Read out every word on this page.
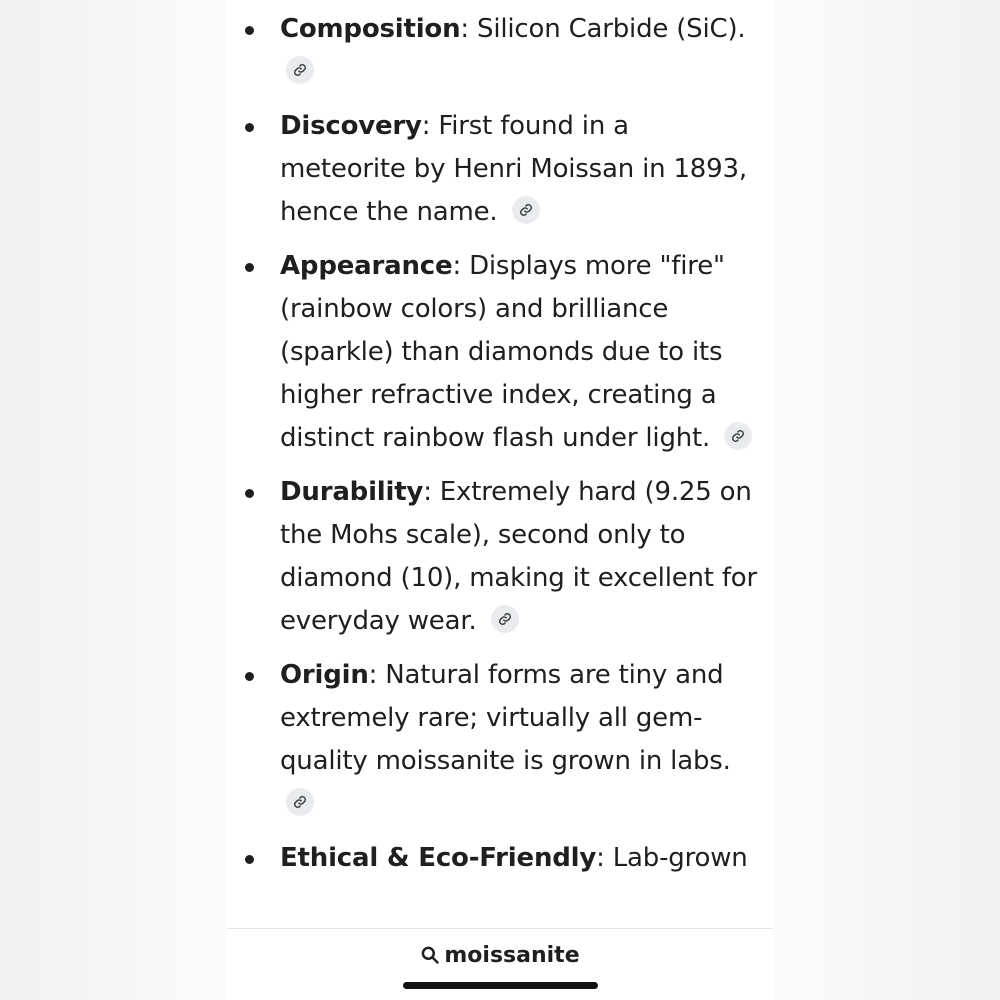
Composition: Silicon Carbide (SiC).
Discovery: First found in a meteorite by Henri Moissan in 1893, hence the name.
Appearance: Displays more "fire" (rainbow colors) and brilliance (sparkle) than diamonds due to its higher refractive index, creating a distinct rainbow flash under light.
Durability: Extremely hard (9.25 on the Mohs scale), second only to diamond (10), making it excellent for everyday wear.
Origin: Natural forms are tiny and extremely rare; virtually all gem-quality moissanite is grown in labs.
Ethical & Eco-Friendly: Lab-grown
moissanite
